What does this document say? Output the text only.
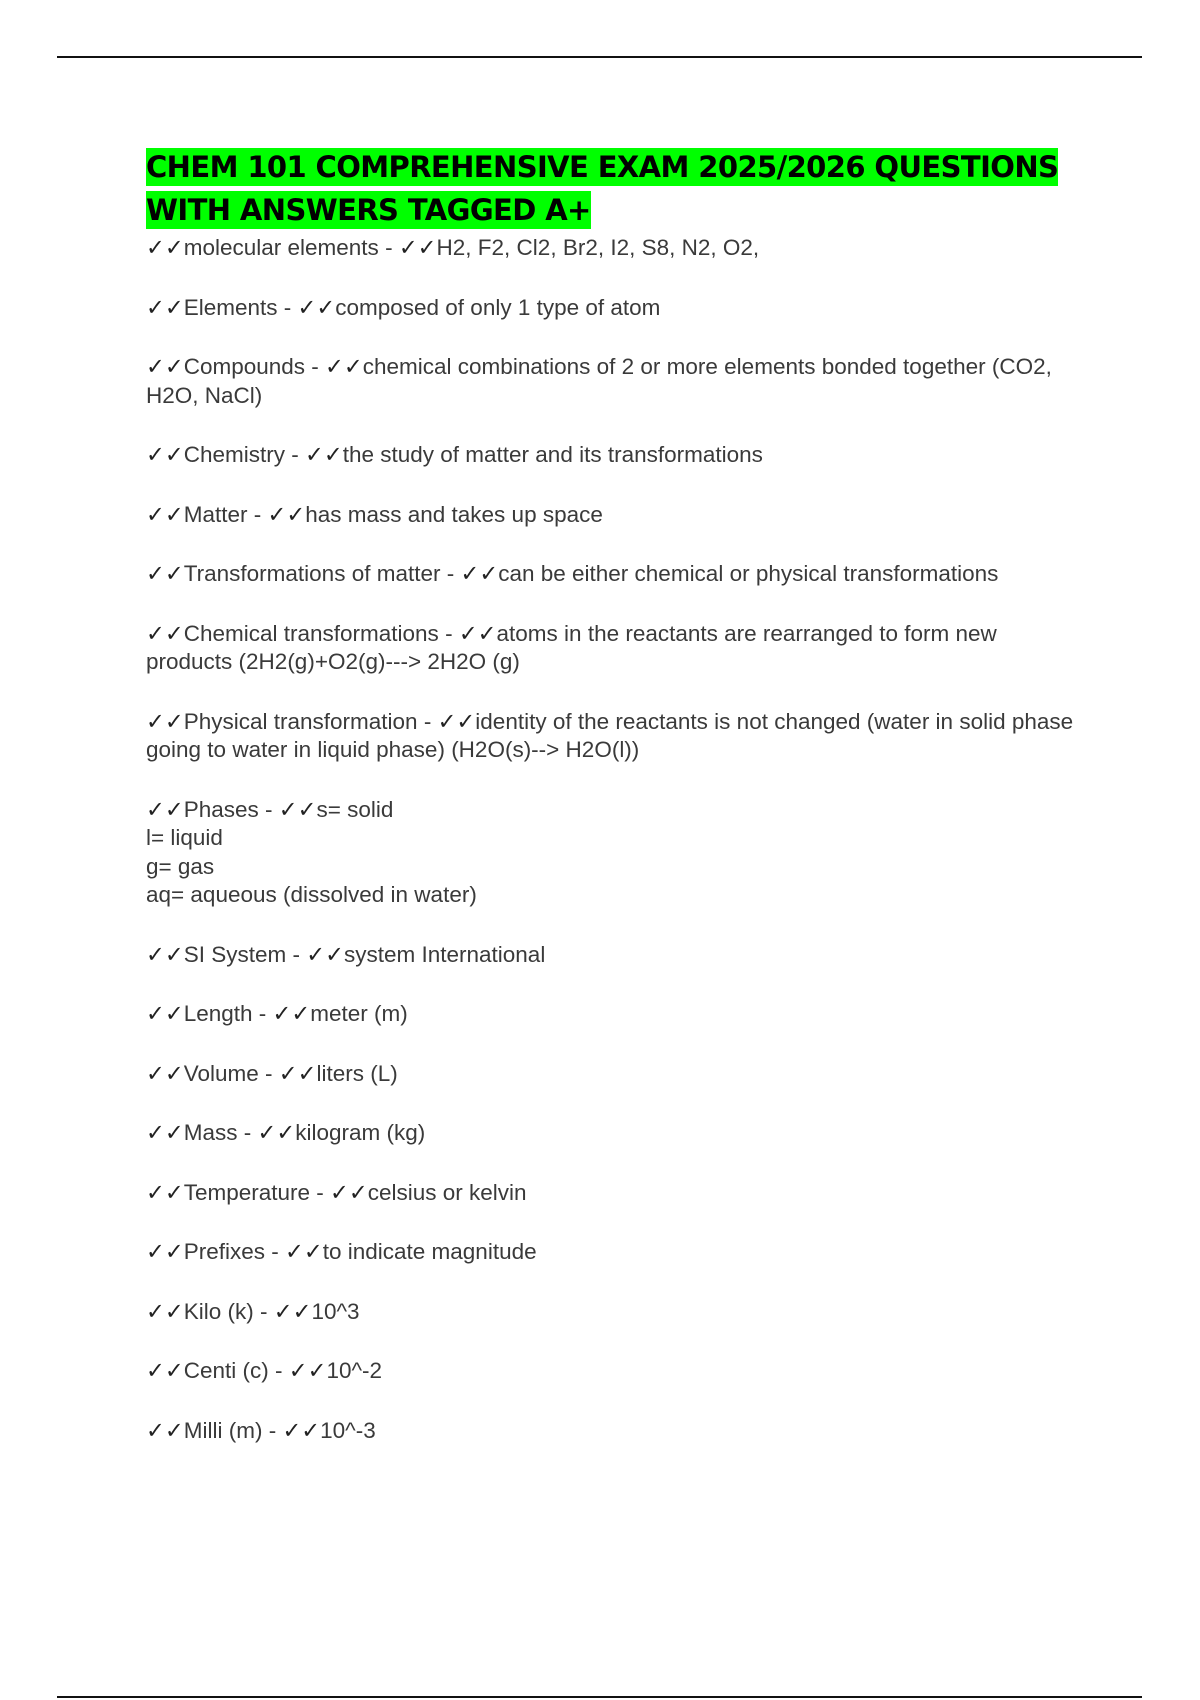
CHEM 101 COMPREHENSIVE EXAM 2025/2026 QUESTIONS WITH ANSWERS TAGGED A+

✓✓molecular elements - ✓✓H2, F2, Cl2, Br2, I2, S8, N2, O2,

✓✓Elements - ✓✓composed of only 1 type of atom

✓✓Compounds - ✓✓chemical combinations of 2 or more elements bonded together (CO2, H2O, NaCl)

✓✓Chemistry - ✓✓the study of matter and its transformations

✓✓Matter - ✓✓has mass and takes up space

✓✓Transformations of matter - ✓✓can be either chemical or physical transformations

✓✓Chemical transformations - ✓✓atoms in the reactants are rearranged to form new products (2H2(g)+O2(g)---> 2H2O (g)

✓✓Physical transformation - ✓✓identity of the reactants is not changed (water in solid phase going to water in liquid phase) (H2O(s)--> H2O(l))

✓✓Phases - ✓✓s= solid
l= liquid
g= gas
aq= aqueous (dissolved in water)

✓✓SI System - ✓✓system International

✓✓Length - ✓✓meter (m)

✓✓Volume - ✓✓liters (L)

✓✓Mass - ✓✓kilogram (kg)

✓✓Temperature - ✓✓celsius or kelvin

✓✓Prefixes - ✓✓to indicate magnitude

✓✓Kilo (k) - ✓✓10^3

✓✓Centi (c) - ✓✓10^-2

✓✓Milli (m) - ✓✓10^-3
